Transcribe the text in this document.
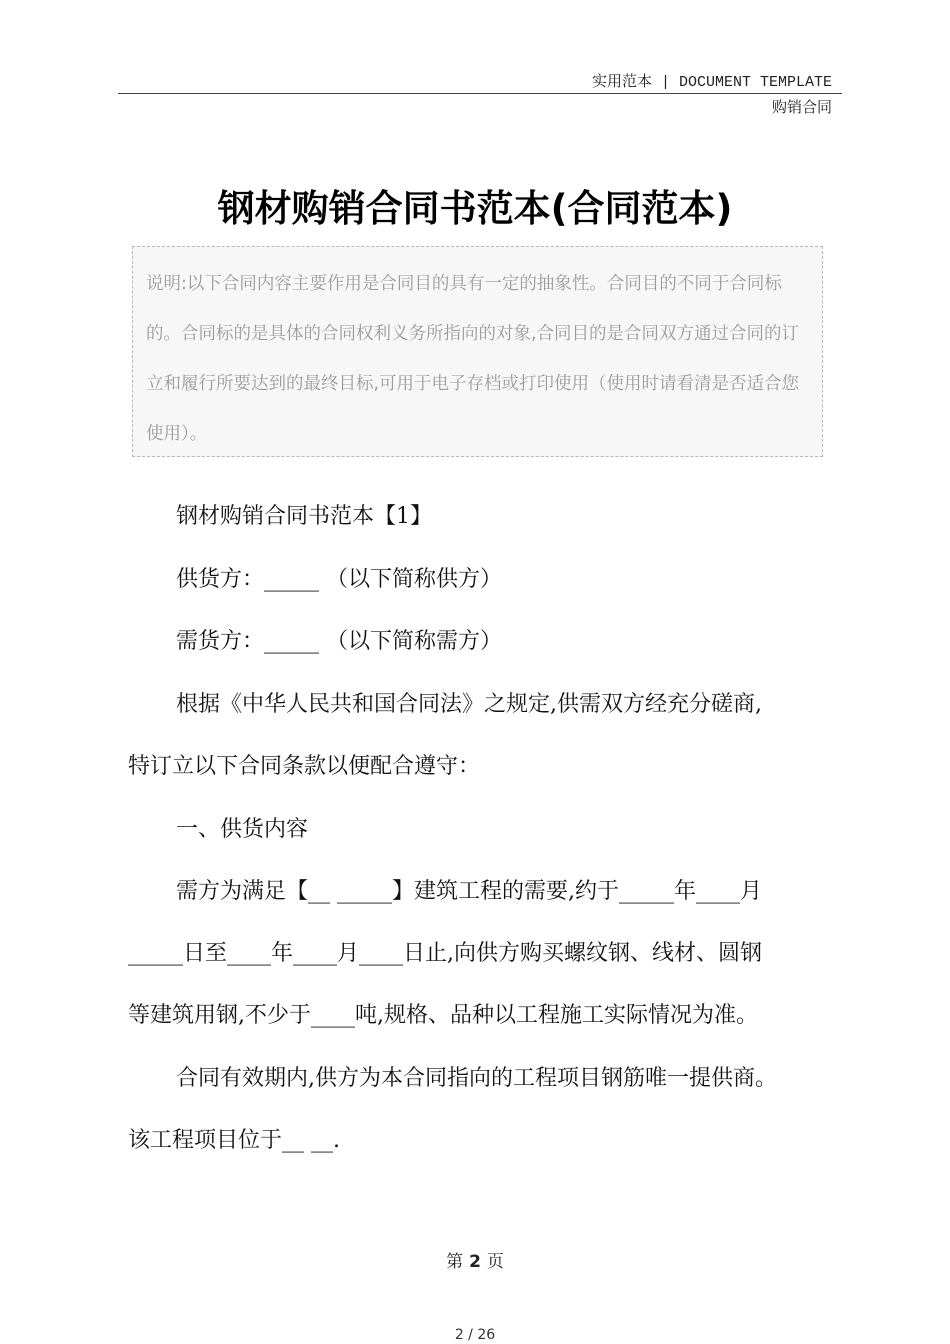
实用范本 | DOCUMENT TEMPLATE
购销合同
钢材购销合同书范本(合同范本)
说明:以下合同内容主要作用是合同目的具有一定的抽象性。合同目的不同于合同标的。合同标的是具体的合同权利义务所指向的对象,合同目的是合同双方通过合同的订立和履行所要达到的最终目标,可用于电子存档或打印使用（使用时请看清是否适合您使用）。
钢材购销合同书范本【1】
供货方：_____ （以下简称供方）
需货方：_____ （以下简称需方）
根据《中华人民共和国合同法》之规定,供需双方经充分磋商,
特订立以下合同条款以便配合遵守：
一、供货内容
需方为满足【__ _____】建筑工程的需要,约于_____年____月
_____日至____年____月____日止,向供方购买螺纹钢、线材、圆钢
等建筑用钢,不少于____吨,规格、品种以工程施工实际情况为准。
合同有效期内,供方为本合同指向的工程项目钢筋唯一提供商。
该工程项目位于__ __.
第 2 页
2 / 26
